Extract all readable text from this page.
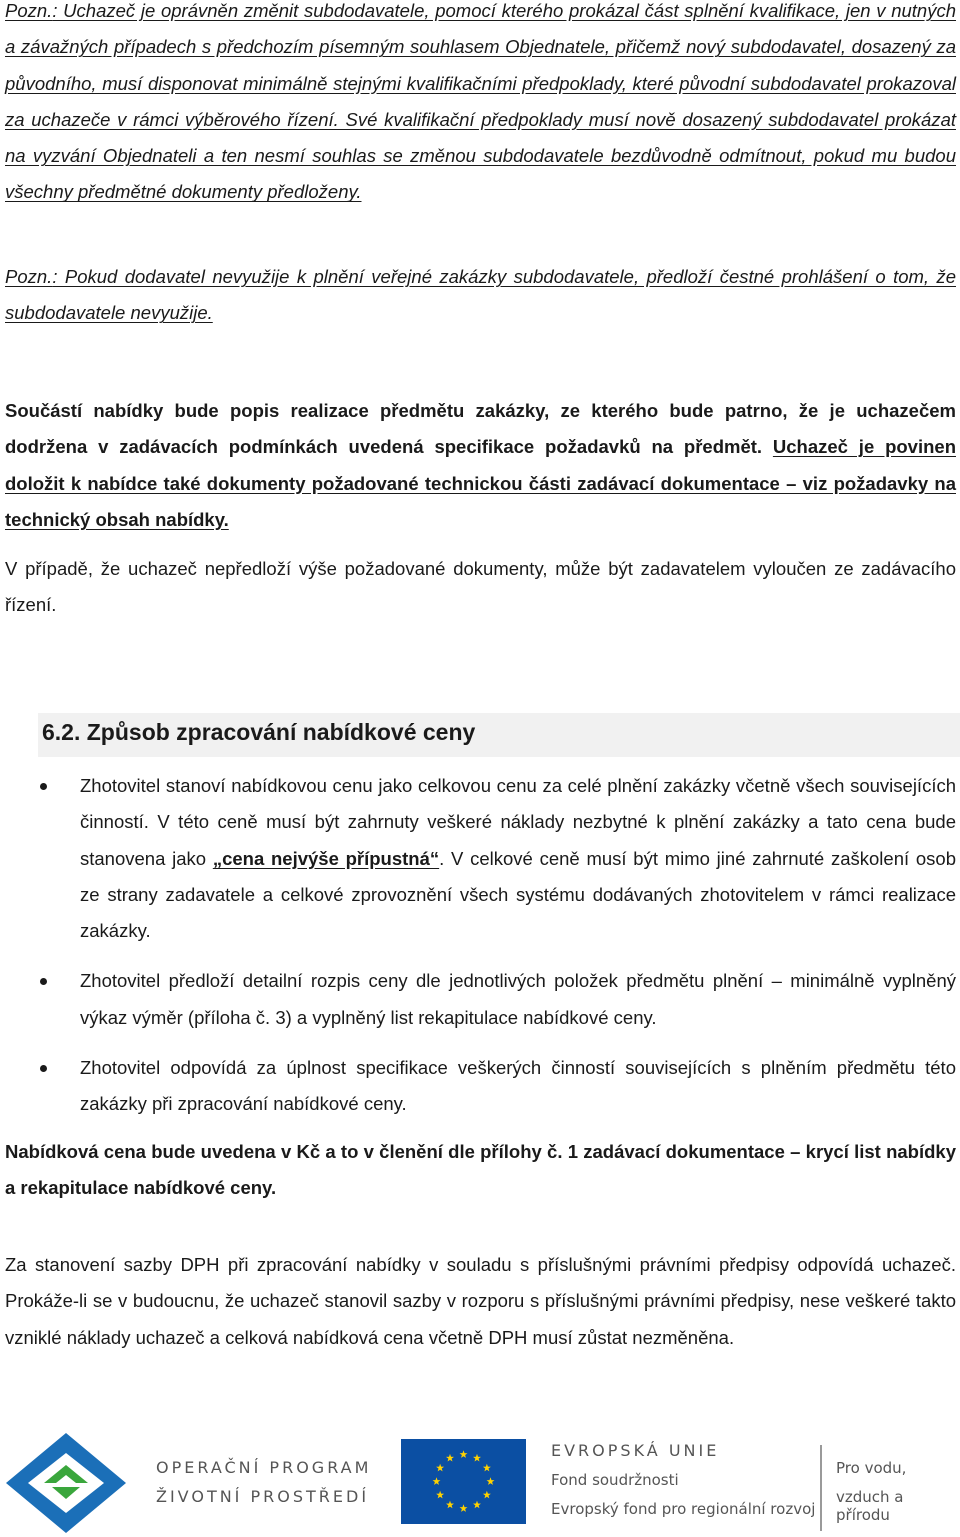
Pozn.: Uchazeč je oprávněn změnit subdodavatele, pomocí kterého prokázal část splnění kvalifikace, jen v nutných a závažných případech s předchozím písemným souhlasem Objednatele, přičemž nový subdodavatel, dosazený za původního, musí disponovat minimálně stejnými kvalifikačními předpoklady, které původní subdodavatel prokazoval za uchazeče v rámci výběrového řízení. Své kvalifikační předpoklady musí nově dosazený subdodavatel prokázat na vyzvání Objednateli a ten nesmí souhlas se změnou subdodavatele bezdůvodně odmítnout, pokud mu budou všechny předmětné dokumenty předloženy.

Pozn.: Pokud dodavatel nevyužije k plnění veřejné zakázky subdodavatele, předloží čestné prohlášení o tom, že subdodavatele nevyužije.

Součástí nabídky bude popis realizace předmětu zakázky, ze kterého bude patrno, že je uchazečem dodržena v zadávacích podmínkách uvedená specifikace požadavků na předmět. Uchazeč je povinen doložit k nabídce také dokumenty požadované technickou části zadávací dokumentace – viz požadavky na technický obsah nabídky.

V případě, že uchazeč nepředloží výše požadované dokumenty, může být zadavatelem vyloučen ze zadávacího řízení.

6.2. Způsob zpracování nabídkové ceny
Zhotovitel stanoví nabídkovou cenu jako celkovou cenu za celé plnění zakázky včetně všech souvisejících činností. V této ceně musí být zahrnuty veškeré náklady nezbytné k plnění zakázky a tato cena bude stanovena jako „cena nejvýše přípustná“. V celkové ceně musí být mimo jiné zahrnuté zaškolení osob ze strany zadavatele a celkové zprovoznění všech systému dodávaných zhotovitelem v rámci realizace zakázky.
Zhotovitel předloží detailní rozpis ceny dle jednotlivých položek předmětu plnění – minimálně vyplněný výkaz výměr (příloha č. 3) a vyplněný list rekapitulace nabídkové ceny.
Zhotovitel odpovídá za úplnost specifikace veškerých činností souvisejících s plněním předmětu této zakázky při zpracování nabídkové ceny.

Nabídková cena bude uvedena v Kč a to v členění dle přílohy č. 1 zadávací dokumentace – krycí list nabídky a rekapitulace nabídkové ceny.

Za stanovení sazby DPH při zpracování nabídky v souladu s příslušnými právními předpisy odpovídá uchazeč. Prokáže-li se v budoucnu, že uchazeč stanovil sazby v rozporu s příslušnými právními předpisy, nese veškeré takto vzniklé náklady uchazeč a celková nabídková cena včetně DPH musí zůstat nezměněna.

OPERAČNÍ PROGRAM
ŽIVOTNÍ PROSTŘEDÍ
EVROPSKÁ UNIE
Fond soudržnosti
Evropský fond pro regionální rozvoj
Pro vodu,
vzduch a přírodu
